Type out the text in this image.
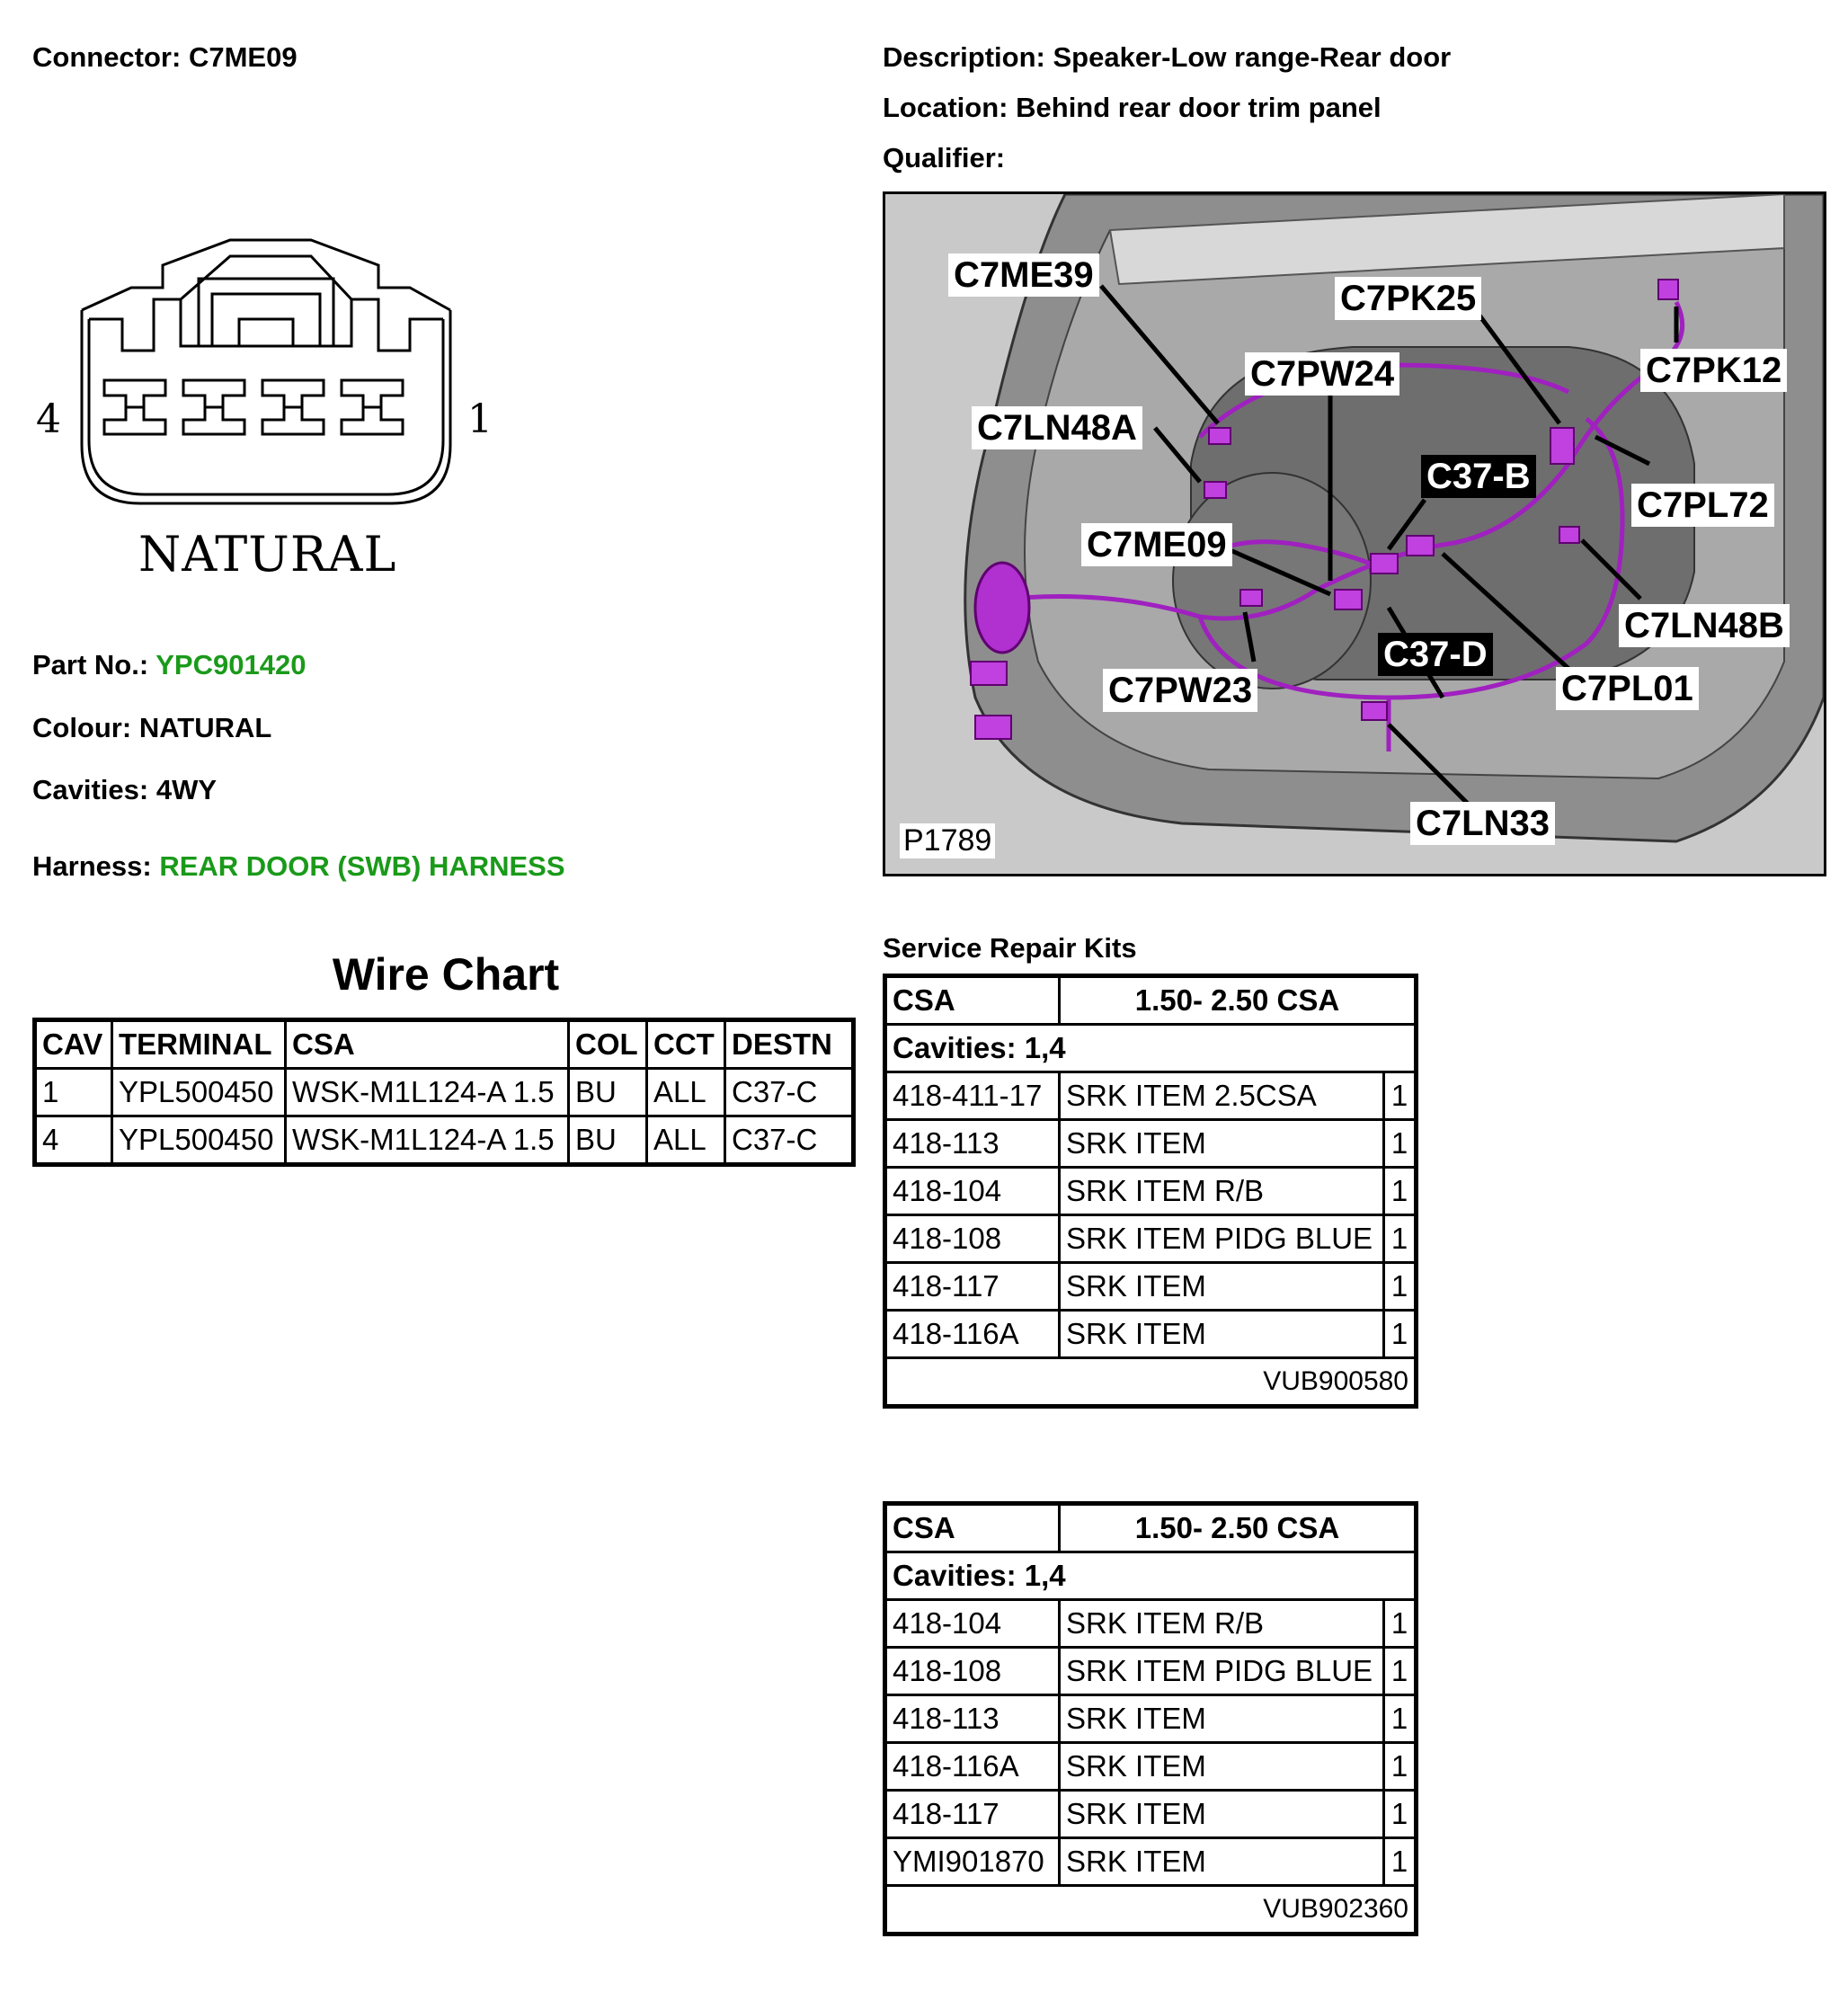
Connector: C7ME09	Description: Speaker-Low range-Rear door
Location: Behind rear door trim panel
Qualifier:
4	1
NATURAL
Part No.: YPC901420
Colour: NATURAL
Cavities: 4WY
Harness: REAR DOOR (SWB) HARNESS
Wire Chart
CAV	TERMINAL	CSA	COL	CCT	DESTN
1	YPL500450	WSK-M1L124-A 1.5	BU	ALL	C37-C
4	YPL500450	WSK-M1L124-A 1.5	BU	ALL	C37-C
C7ME39
C7PK25
C7PW24	C7PK12
C7LN48A
C37-B
C7PL72
C7ME09
C7LN48B
C37-D
C7PW23	C7PL01
C7LN33
P1789
Service Repair Kits
CSA	1.50- 2.50 CSA	
Cavities: 1,4		
418-411-17	SRK ITEM 2.5CSA	1
418-113	SRK ITEM	1
418-104	SRK ITEM R/B	1
418-108	SRK ITEM PIDG BLUE	1
418-117	SRK ITEM	1
418-116A	SRK ITEM	1
VUB900580		
CSA	1.50- 2.50 CSA	
Cavities: 1,4		
418-104	SRK ITEM R/B	1
418-108	SRK ITEM PIDG BLUE	1
418-113	SRK ITEM	1
418-116A	SRK ITEM	1
418-117	SRK ITEM	1
YMI901870	SRK ITEM	1
VUB902360		
